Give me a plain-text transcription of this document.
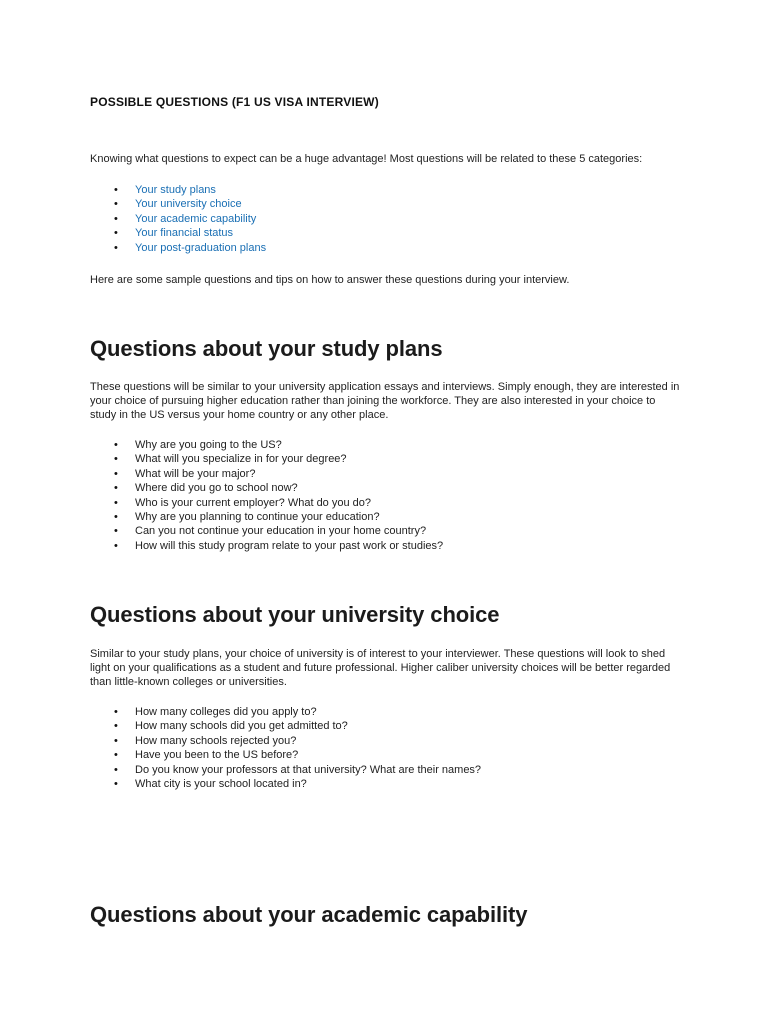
POSSIBLE QUESTIONS (F1 US VISA INTERVIEW)

Knowing what questions to expect can be a huge advantage! Most questions will be related to these 5 categories:

• Your study plans
• Your university choice
• Your academic capability
• Your financial status
• Your post-graduation plans

Here are some sample questions and tips on how to answer these questions during your interview.

Questions about your study plans

These questions will be similar to your university application essays and interviews. Simply enough, they are interested in your choice of pursuing higher education rather than joining the workforce. They are also interested in your choice to study in the US versus your home country or any other place.

• Why are you going to the US?
• What will you specialize in for your degree?
• What will be your major?
• Where did you go to school now?
• Who is your current employer? What do you do?
• Why are you planning to continue your education?
• Can you not continue your education in your home country?
• How will this study program relate to your past work or studies?
Questions about your university choice

Similar to your study plans, your choice of university is of interest to your interviewer. These questions will look to shed light on your qualifications as a student and future professional. Higher caliber university choices will be better regarded than little-known colleges or universities.

• How many colleges did you apply to?
• How many schools did you get admitted to?
• How many schools rejected you?
• Have you been to the US before?
• Do you know your professors at that university? What are their names?
• What city is your school located in?
Questions about your academic capability
